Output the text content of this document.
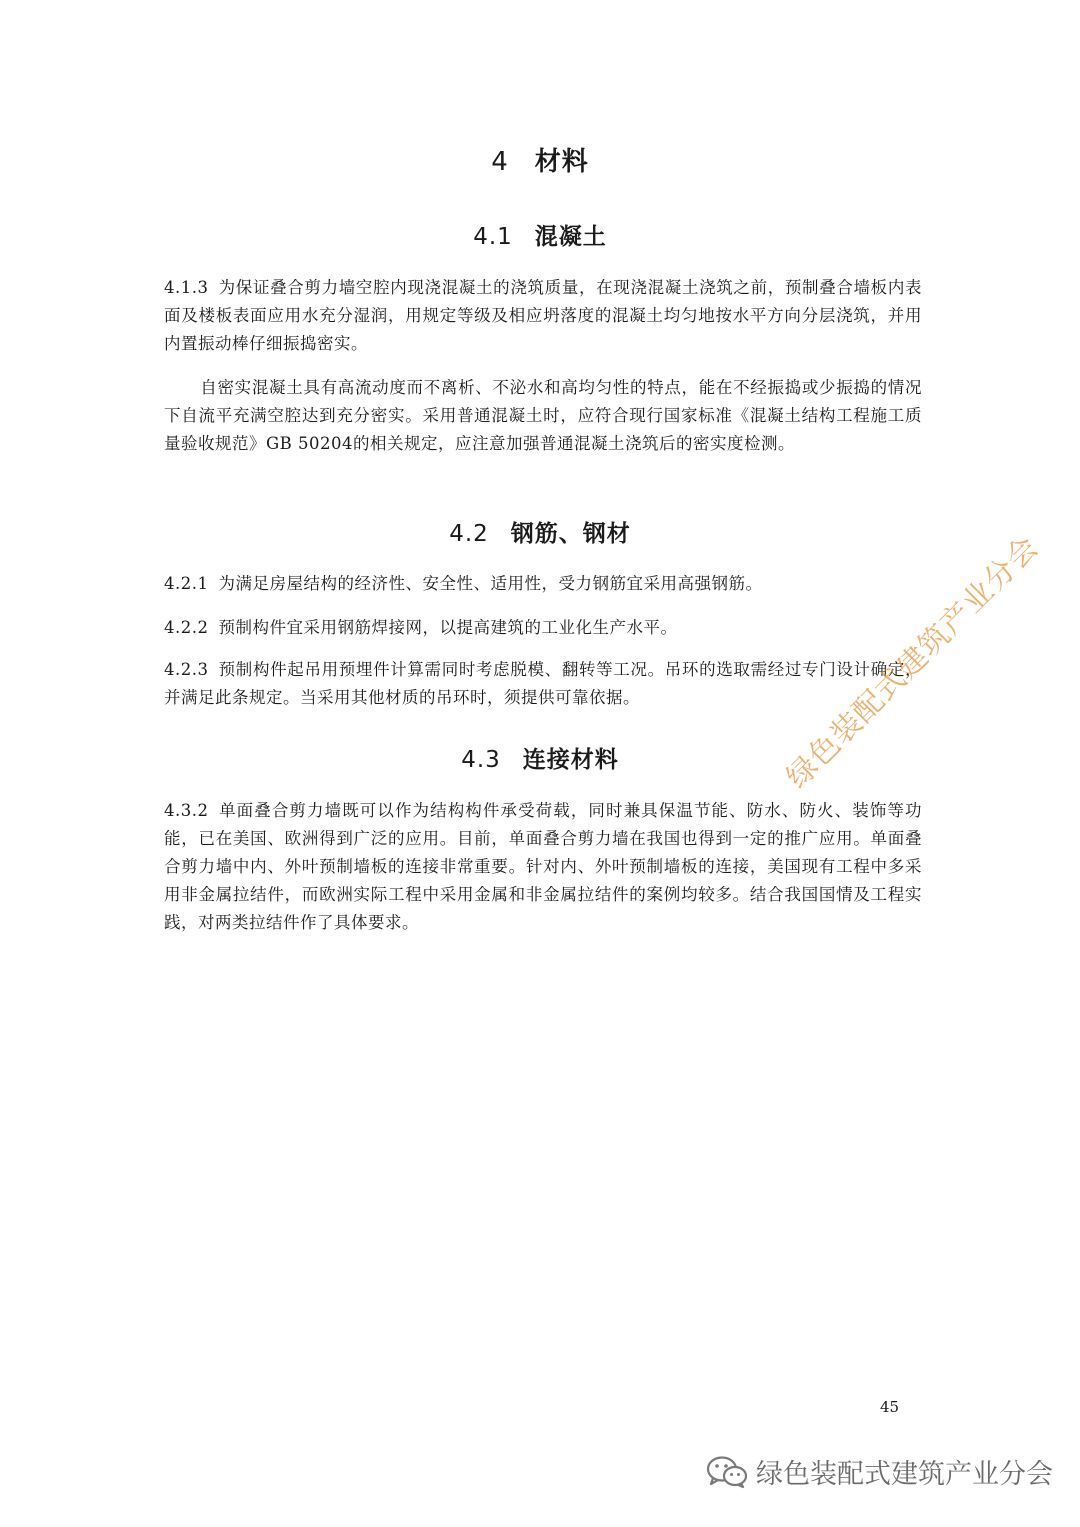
4 材料
4.1 混凝土
4.1.3 为保证叠合剪力墙空腔内现浇混凝土的浇筑质量，在现浇混凝土浇筑之前，预制叠合墙板内表面及楼板表面应用水充分湿润，用规定等级及相应坍落度的混凝土均匀地按水平方向分层浇筑，并用内置振动棒仔细振捣密实。
自密实混凝土具有高流动度而不离析、不泌水和高均匀性的特点，能在不经振捣或少振捣的情况下自流平充满空腔达到充分密实。采用普通混凝土时，应符合现行国家标准《混凝土结构工程施工质量验收规范》GB 50204的相关规定，应注意加强普通混凝土浇筑后的密实度检测。
4.2 钢筋、钢材
4.2.1 为满足房屋结构的经济性、安全性、适用性，受力钢筋宜采用高强钢筋。
4.2.2 预制构件宜采用钢筋焊接网，以提高建筑的工业化生产水平。
4.2.3 预制构件起吊用预埋件计算需同时考虑脱模、翻转等工况。吊环的选取需经过专门设计确定，并满足此条规定。当采用其他材质的吊环时，须提供可靠依据。
4.3 连接材料
4.3.2 单面叠合剪力墙既可以作为结构构件承受荷载，同时兼具保温节能、防水、防火、装饰等功能，已在美国、欧洲得到广泛的应用。目前，单面叠合剪力墙在我国也得到一定的推广应用。单面叠合剪力墙中内、外叶预制墙板的连接非常重要。针对内、外叶预制墙板的连接，美国现有工程中多采用非金属拉结件，而欧洲实际工程中采用金属和非金属拉结件的案例均较多。结合我国国情及工程实践，对两类拉结件作了具体要求。
绿色装配式建筑产业分会
45
绿色装配式建筑产业分会
